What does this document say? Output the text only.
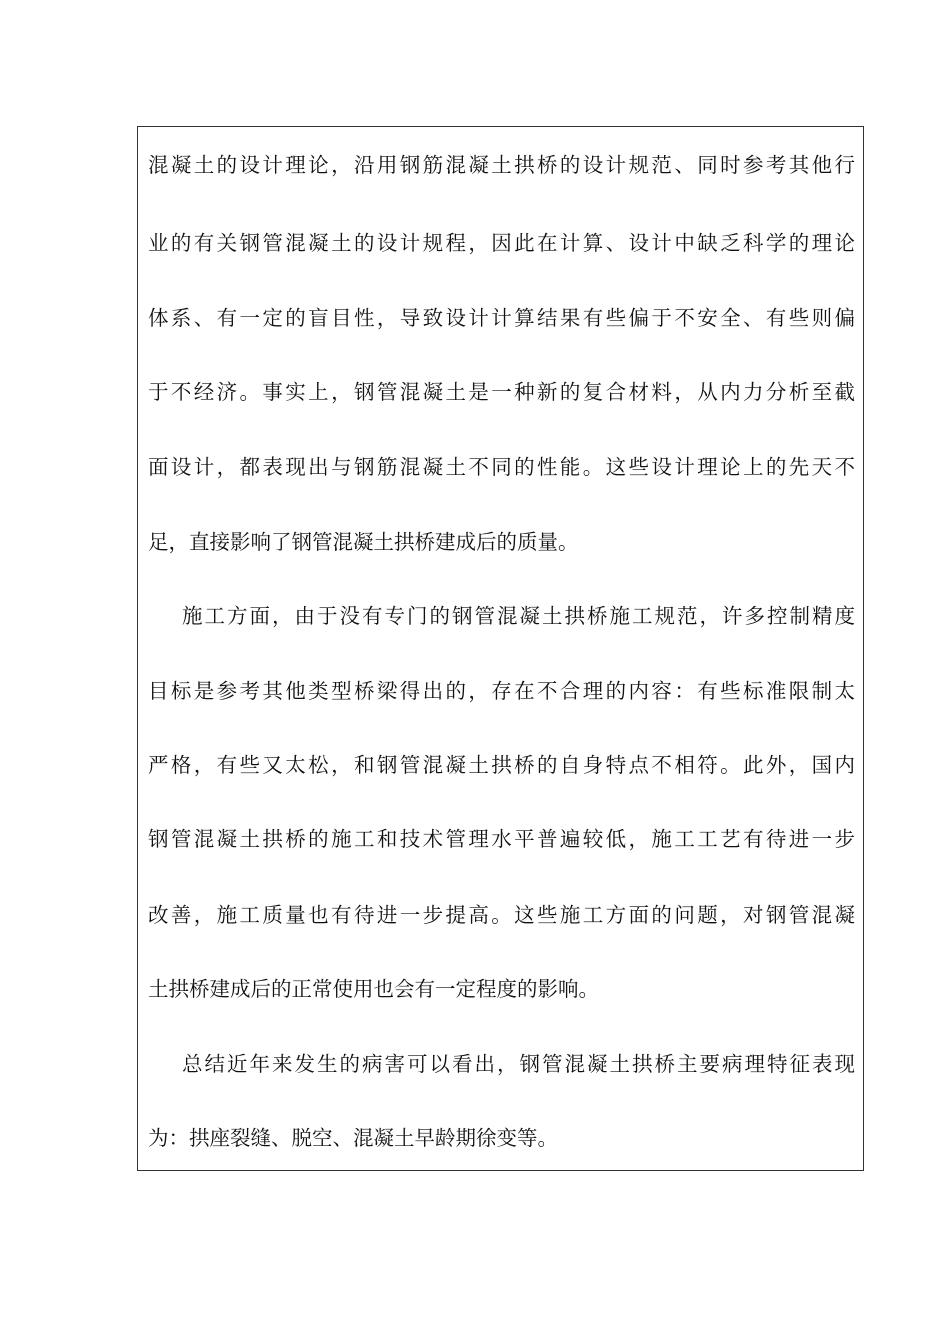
混凝土的设计理论，沿用钢筋混凝土拱桥的设计规范、同时参考其他行
业的有关钢管混凝土的设计规程，因此在计算、设计中缺乏科学的理论
体系、有一定的盲目性，导致设计计算结果有些偏于不安全、有些则偏
于不经济。事实上，钢管混凝土是一种新的复合材料，从内力分析至截
面设计，都表现出与钢筋混凝土不同的性能。这些设计理论上的先天不
足，直接影响了钢管混凝土拱桥建成后的质量。
施工方面，由于没有专门的钢管混凝土拱桥施工规范，许多控制精度
目标是参考其他类型桥梁得出的，存在不合理的内容：有些标准限制太
严格，有些又太松，和钢管混凝土拱桥的自身特点不相符。此外，国内
钢管混凝土拱桥的施工和技术管理水平普遍较低，施工工艺有待进一步
改善，施工质量也有待进一步提高。这些施工方面的问题，对钢管混凝
土拱桥建成后的正常使用也会有一定程度的影响。
总结近年来发生的病害可以看出，钢管混凝土拱桥主要病理特征表现
为：拱座裂缝、脱空、混凝土早龄期徐变等。
